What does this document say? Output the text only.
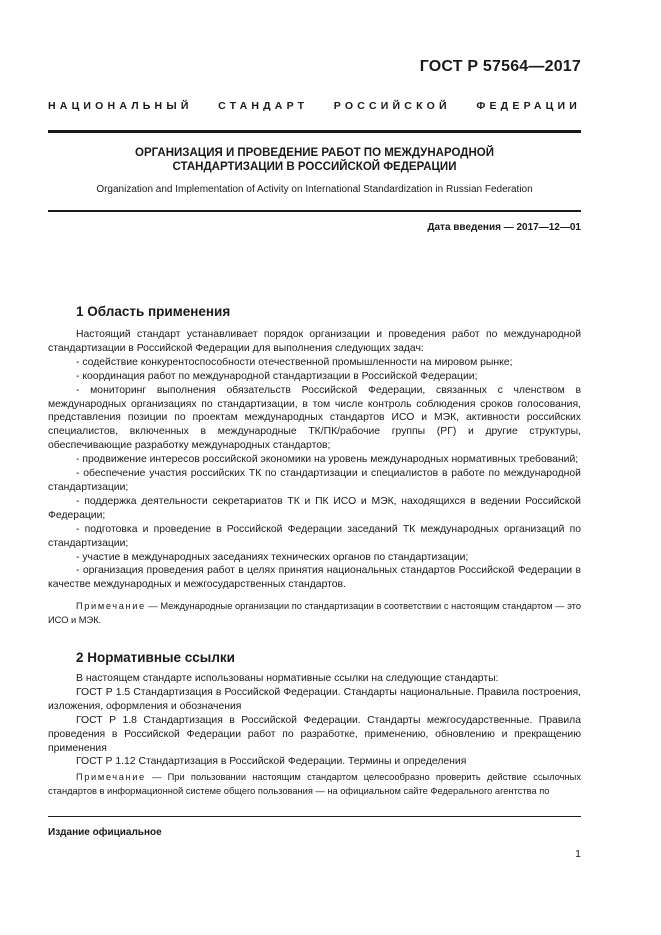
ГОСТ Р 57564—2017
НАЦИОНАЛЬНЫЙ СТАНДАРТ РОССИЙСКОЙ ФЕДЕРАЦИИ
ОРГАНИЗАЦИЯ И ПРОВЕДЕНИЕ РАБОТ ПО МЕЖДУНАРОДНОЙ
СТАНДАРТИЗАЦИИ В РОССИЙСКОЙ ФЕДЕРАЦИИ
Organization and Implementation of Activity on International Standardization in Russian Federation
Дата введения — 2017—12—01
1 Область применения

Настоящий стандарт устанавливает порядок организации и проведения работ по международной стандартизации в Российской Федерации для выполнения следующих задач:

- содействие конкурентоспособности отечественной промышленности на мировом рынке;

- координация работ по международной стандартизации в Российской Федерации;

- мониторинг выполнения обязательств Российской Федерации, связанных с членством в международных организациях по стандартизации, в том числе контроль соблюдения сроков голосования, представления позиции по проектам международных стандартов ИСО и МЭК, активности российских специалистов, включенных в международные ТК/ПК/рабочие группы (РГ) и другие структуры, обеспечивающие разработку международных стандартов;

- продвижение интересов российской экономики на уровень международных нормативных требований;

- обеспечение участия российских ТК по стандартизации и специалистов в работе по международной стандартизации;

- поддержка деятельности секретариатов ТК и ПК ИСО и МЭК, находящихся в ведении Российской Федерации;

- подготовка и проведение в Российской Федерации заседаний ТК международных организаций по стандартизации;

- участие в международных заседаниях технических органов по стандартизации;

- организация проведения работ в целях принятия национальных стандартов Российской Федерации в качестве международных и межгосударственных стандартов.

Примечание — Международные организации по стандартизации в соответствии с настоящим стандартом — это ИСО и МЭК.

2 Нормативные ссылки

В настоящем стандарте использованы нормативные ссылки на следующие стандарты:

ГОСТ Р 1.5 Стандартизация в Российской Федерации. Стандарты национальные. Правила построения, изложения, оформления и обозначения

ГОСТ Р 1.8 Стандартизация в Российской Федерации. Стандарты межгосударственные. Правила проведения в Российской Федерации работ по разработке, применению, обновлению и прекращению применения

ГОСТ Р 1.12 Стандартизация в Российской Федерации. Термины и определения

Примечание — При пользовании настоящим стандартом целесообразно проверить действие ссылочных стандартов в информационной системе общего пользования — на официальном сайте Федерального агентства по

Издание официальное
1
